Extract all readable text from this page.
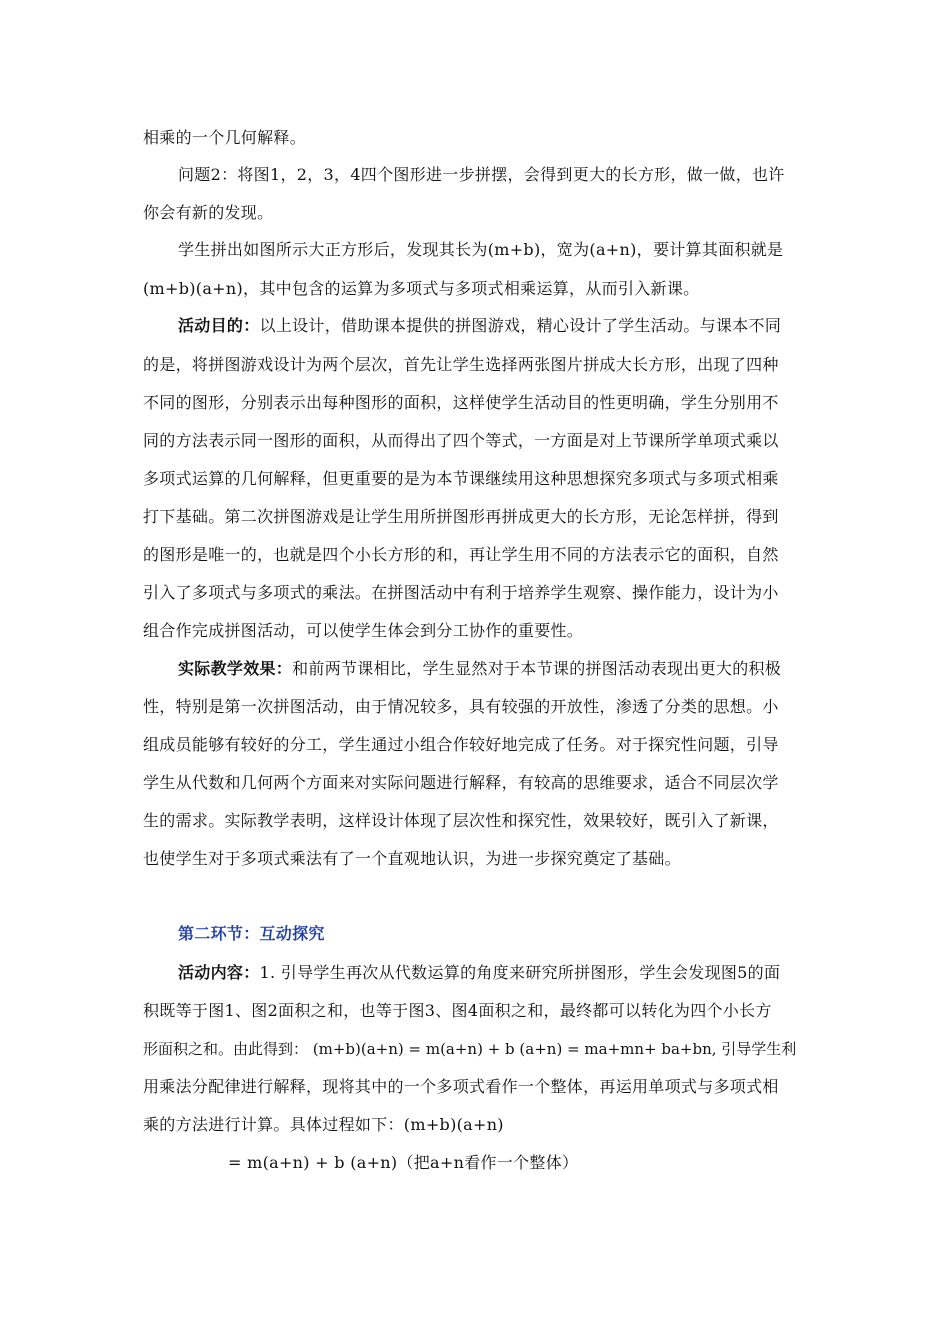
相乘的一个几何解释。
问题2：将图1，2，3，4四个图形进一步拼摆，会得到更大的长方形，做一做，也许
你会有新的发现。
学生拼出如图所示大正方形后，发现其长为(m+b)，宽为(a+n)，要计算其面积就是
(m+b)(a+n)，其中包含的运算为多项式与多项式相乘运算，从而引入新课。
活动目的：以上设计，借助课本提供的拼图游戏，精心设计了学生活动。与课本不同
的是，将拼图游戏设计为两个层次，首先让学生选择两张图片拼成大长方形，出现了四种
不同的图形，分别表示出每种图形的面积，这样使学生活动目的性更明确，学生分别用不
同的方法表示同一图形的面积，从而得出了四个等式，一方面是对上节课所学单项式乘以
多项式运算的几何解释，但更重要的是为本节课继续用这种思想探究多项式与多项式相乘
打下基础。第二次拼图游戏是让学生用所拼图形再拼成更大的长方形，无论怎样拼，得到
的图形是唯一的，也就是四个小长方形的和，再让学生用不同的方法表示它的面积，自然
引入了多项式与多项式的乘法。在拼图活动中有利于培养学生观察、操作能力，设计为小
组合作完成拼图活动，可以使学生体会到分工协作的重要性。
实际教学效果：和前两节课相比，学生显然对于本节课的拼图活动表现出更大的积极
性，特别是第一次拼图活动，由于情况较多，具有较强的开放性，渗透了分类的思想。小
组成员能够有较好的分工，学生通过小组合作较好地完成了任务。对于探究性问题，引导
学生从代数和几何两个方面来对实际问题进行解释，有较高的思维要求，适合不同层次学
生的需求。实际教学表明，这样设计体现了层次性和探究性，效果较好，既引入了新课，
也使学生对于多项式乘法有了一个直观地认识，为进一步探究奠定了基础。
第二环节：互动探究
活动内容：1. 引导学生再次从代数运算的角度来研究所拼图形，学生会发现图5的面
积既等于图1、图2面积之和，也等于图3、图4面积之和，最终都可以转化为四个小长方
形面积之和。由此得到： (m+b)(a+n) = m(a+n) + b (a+n) = ma+mn+ ba+bn, 引导学生利
用乘法分配律进行解释，现将其中的一个多项式看作一个整体，再运用单项式与多项式相
乘的方法进行计算。具体过程如下：(m+b)(a+n)
= m(a+n) + b (a+n)（把a+n看作一个整体）
